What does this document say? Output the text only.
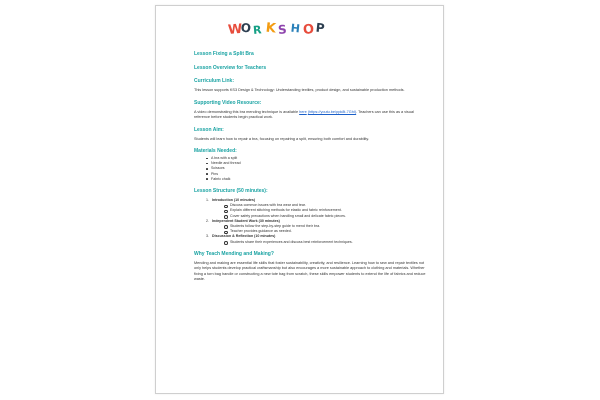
W
O R K S H O P
Lesson Fixing a Split Bra
Lesson Overview for Teachers
Curriculum Link:
This lesson supports KS3 Design & Technology: Understanding textiles, product design, and sustainable production methods.
Supporting Video Resource:
A video demonstrating this bra mending technique is available here (https://youtu.be/ppk8t-7GhI). Teachers can use this as a visual reference before students begin practical work.
Lesson Aim:
Students will learn how to repair a bra, focusing on repairing a split, ensuring both comfort and durability.
Materials Needed:
A bra with a split
Needle and thread
Scissors
Pins
Fabric chalk
Lesson Structure (50 minutes):
1. Introduction (10 minutes)
Discuss common issues with bra wear and tear.
Explain different stitching methods for elastic and fabric reinforcement.
Cover safety precautions when handling small and delicate fabric pieces.
2. Independent Student Work (30 minutes)
Students follow the step-by-step guide to mend their bra.
Teacher provides guidance as needed.
3. Discussion & Reflection (10 minutes)
Students share their experiences and discuss best reinforcement techniques.
Why Teach Mending and Making?
Mending and making are essential life skills that foster sustainability, creativity, and resilience. Learning how to sew and repair textiles not only helps students develop practical craftsmanship but also encourages a more sustainable approach to clothing and materials. Whether fixing a torn bag handle or constructing a new tote bag from scratch, these skills empower students to extend the life of fabrics and reduce waste.
